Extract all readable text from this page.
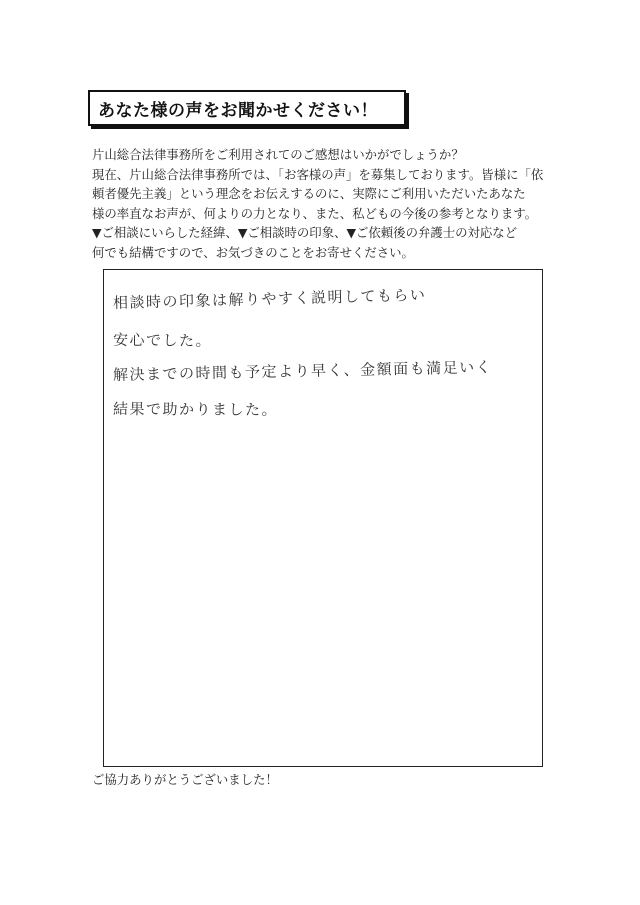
あなた様の声をお聞かせください！
片山総合法律事務所をご利用されてのご感想はいかがでしょうか？
現在、片山総合法律事務所では、「お客様の声」を募集しております。皆様に「依
頼者優先主義」という理念をお伝えするのに、実際にご利用いただいたあなた
様の率直なお声が、何よりの力となり、また、私どもの今後の参考となります。
▼ご相談にいらした経緯、▼ご相談時の印象、▼ご依頼後の弁護士の対応など
何でも結構ですので、お気づきのことをお寄せください。
相談時の印象は解りやすく説明してもらい
安心でした。
解決までの時間も予定より早く、金額面も満足いく
結果で助かりました。
ご協力ありがとうございました！
